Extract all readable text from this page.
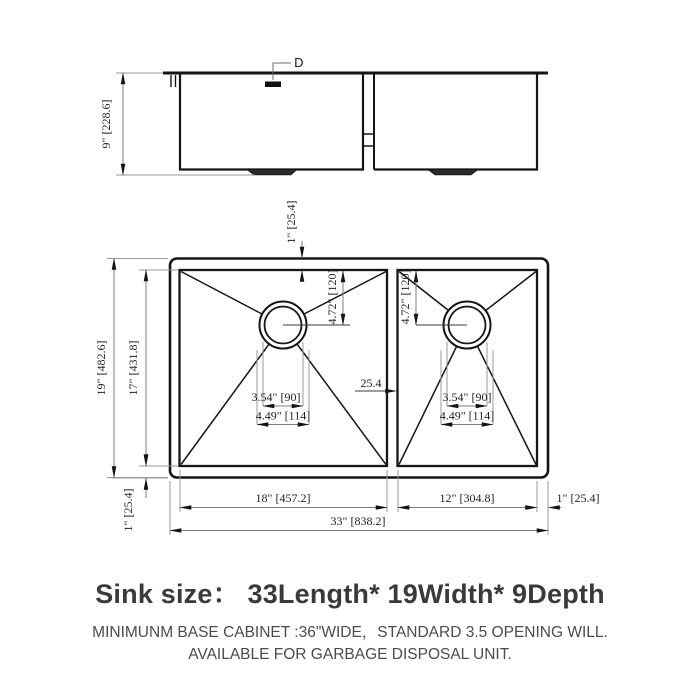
D
9" [228.6]
4.72" [120]	4.72" [120]
1" [25.4]
19" [482.6] 17" [431.8]
1" [25.4]
25.4
3.54" [90]
4.49" [114]
3.54" [90]
4.49" [114]
18" [457.2]	12" [304.8]	1" [25.4]
33" [838.2]

Sink size： 33Length* 19Width* 9Depth

MINIMUNM BASE CABINET :36"WIDE，STANDARD 3.5 OPENING WILL.

AVAILABLE FOR GARBAGE DISPOSAL UNIT.
